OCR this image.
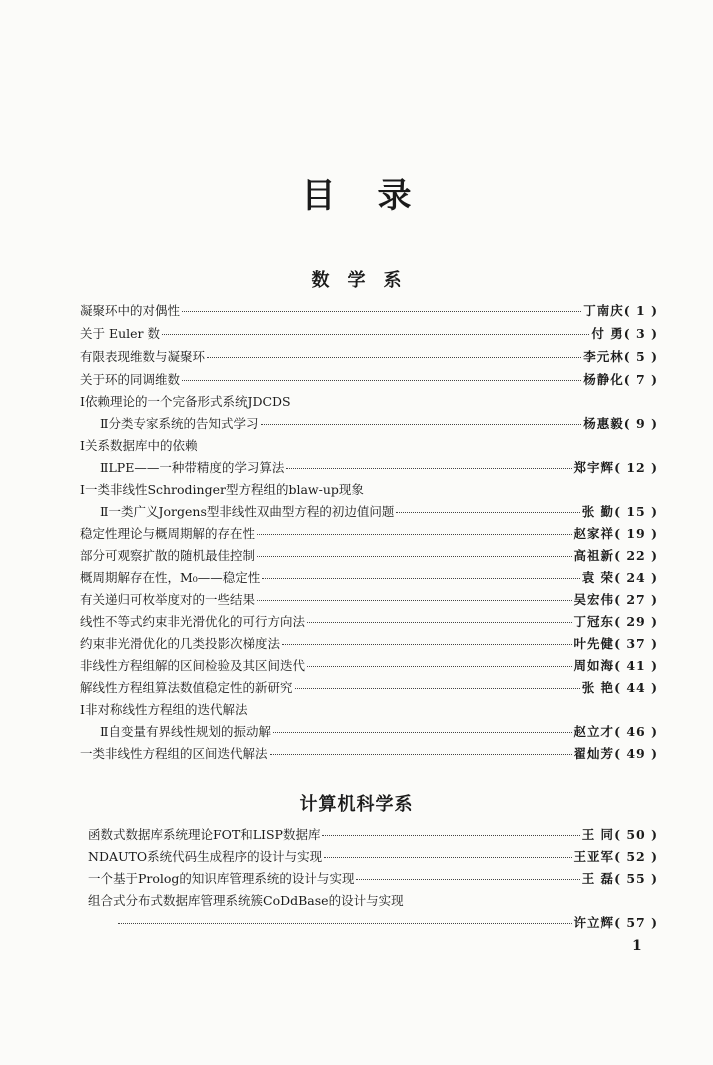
目录
数学系
计算机科学系
凝聚环中的对偶性	丁南庆 ( 1 )
关于 Euler 数	付 勇 ( 3 )
有限表现维数与凝聚环	李元林 ( 5 )
关于环的同调维数	杨静化 ( 7 )
Ⅰ依赖理论的一个完备形式系统JDCDS
Ⅱ分类专家系统的告知式学习	杨惠毅 ( 9 )
Ⅰ关系数据库中的依赖
ⅡLPE——一种带精度的学习算法	郑宇辉 ( 12 )
Ⅰ一类非线性Schrodinger型方程组的blaw-up现象
Ⅱ一类广义Jorgens型非线性双曲型方程的初边值问题	张 勤 ( 15 )
稳定性理论与概周期解的存在性	赵家祥 ( 19 )
部分可观察扩散的随机最佳控制	高祖新 ( 22 )
概周期解存在性，M₀——稳定性	袁 荣 ( 24 )
有关递归可枚举度对的一些结果	吴宏伟 ( 27 )
线性不等式约束非光滑优化的可行方向法	丁冠东 ( 29 )
约束非光滑优化的几类投影次梯度法	叶先健 ( 37 )
非线性方程组解的区间检验及其区间迭代	周如海 ( 41 )
解线性方程组算法数值稳定性的新研究	张 艳 ( 44 )
Ⅰ非对称线性方程组的迭代解法
Ⅱ自变量有界线性规划的振动解	赵立才 ( 46 )
一类非线性方程组的区间迭代解法	翟灿芳 ( 49 )
函数式数据库系统理论FOT和LISP数据库	王 同 ( 50 )
NDAUTO系统代码生成程序的设计与实现	王亚军 ( 52 )
一个基于Prolog的知识库管理系统的设计与实现	王 磊 ( 55 )
组合式分布式数据库管理系统簇CoDdBase的设计与实现
许立辉 ( 57 )
1
